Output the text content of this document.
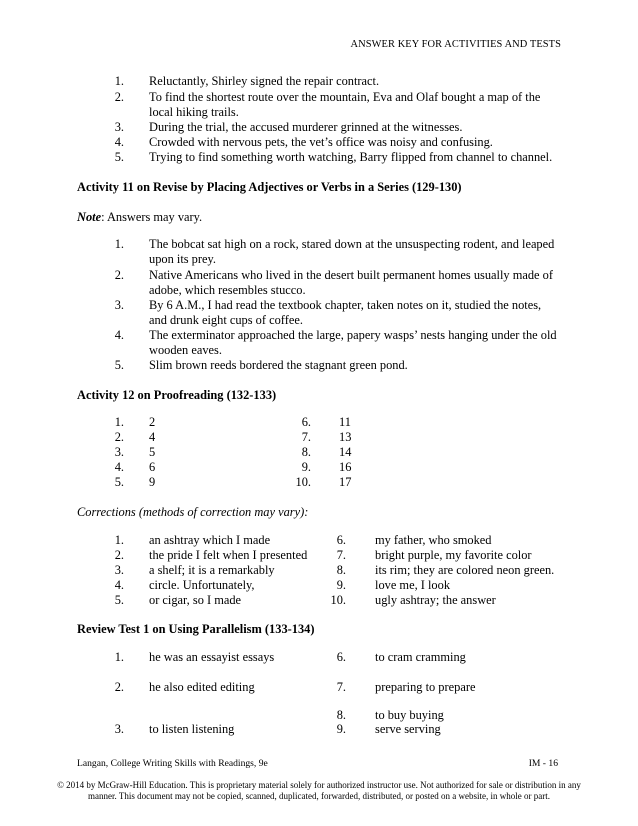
ANSWER KEY FOR ACTIVITIES AND TESTS
1. Reluctantly, Shirley signed the repair contract.
2. To find the shortest route over the mountain, Eva and Olaf bought a map of the
local hiking trails.
3. During the trial, the accused murderer grinned at the witnesses.
4. Crowded with nervous pets, the vet’s office was noisy and confusing.
5. Trying to find something worth watching, Barry flipped from channel to channel.
Activity 11 on Revise by Placing Adjectives or Verbs in a Series (129-130)
Note: Answers may vary.
1. The bobcat sat high on a rock, stared down at the unsuspecting rodent, and leaped
upon its prey.
2. Native Americans who lived in the desert built permanent homes usually made of
adobe, which resembles stucco.
3. By 6 A.M., I had read the textbook chapter, taken notes on it, studied the notes,
and drunk eight cups of coffee.
4. The exterminator approached the large, papery wasps’ nests hanging under the old
wooden eaves.
5. Slim brown reeds bordered the stagnant green pond.
Activity 12 on Proofreading (132-133)
1. 2	6. 11
2. 4	7. 13
3. 5	8. 14
4. 6	9. 16
5. 9	10. 17
Corrections (methods of correction may vary):
1. an ashtray which I made	6. my father, who smoked
2. the pride I felt when I presented	7. bright purple, my favorite color
3. a shelf; it is a remarkably	8. its rim; they are colored neon green.
4. circle. Unfortunately,	9. love me, I look
5. or cigar, so I made	10. ugly ashtray; the answer
Review Test 1 on Using Parallelism (133-134)
1. he was an essayist essays	6. to cram cramming
2. he also edited editing	7. preparing to prepare
8. to buy buying
3. to listen listening	9. serve serving
Langan, College Writing Skills with Readings, 9e	IM - 16
© 2014 by McGraw-Hill Education. This is proprietary material solely for authorized instructor use. Not authorized for sale or distribution in any
manner. This document may not be copied, scanned, duplicated, forwarded, distributed, or posted on a website, in whole or part.
